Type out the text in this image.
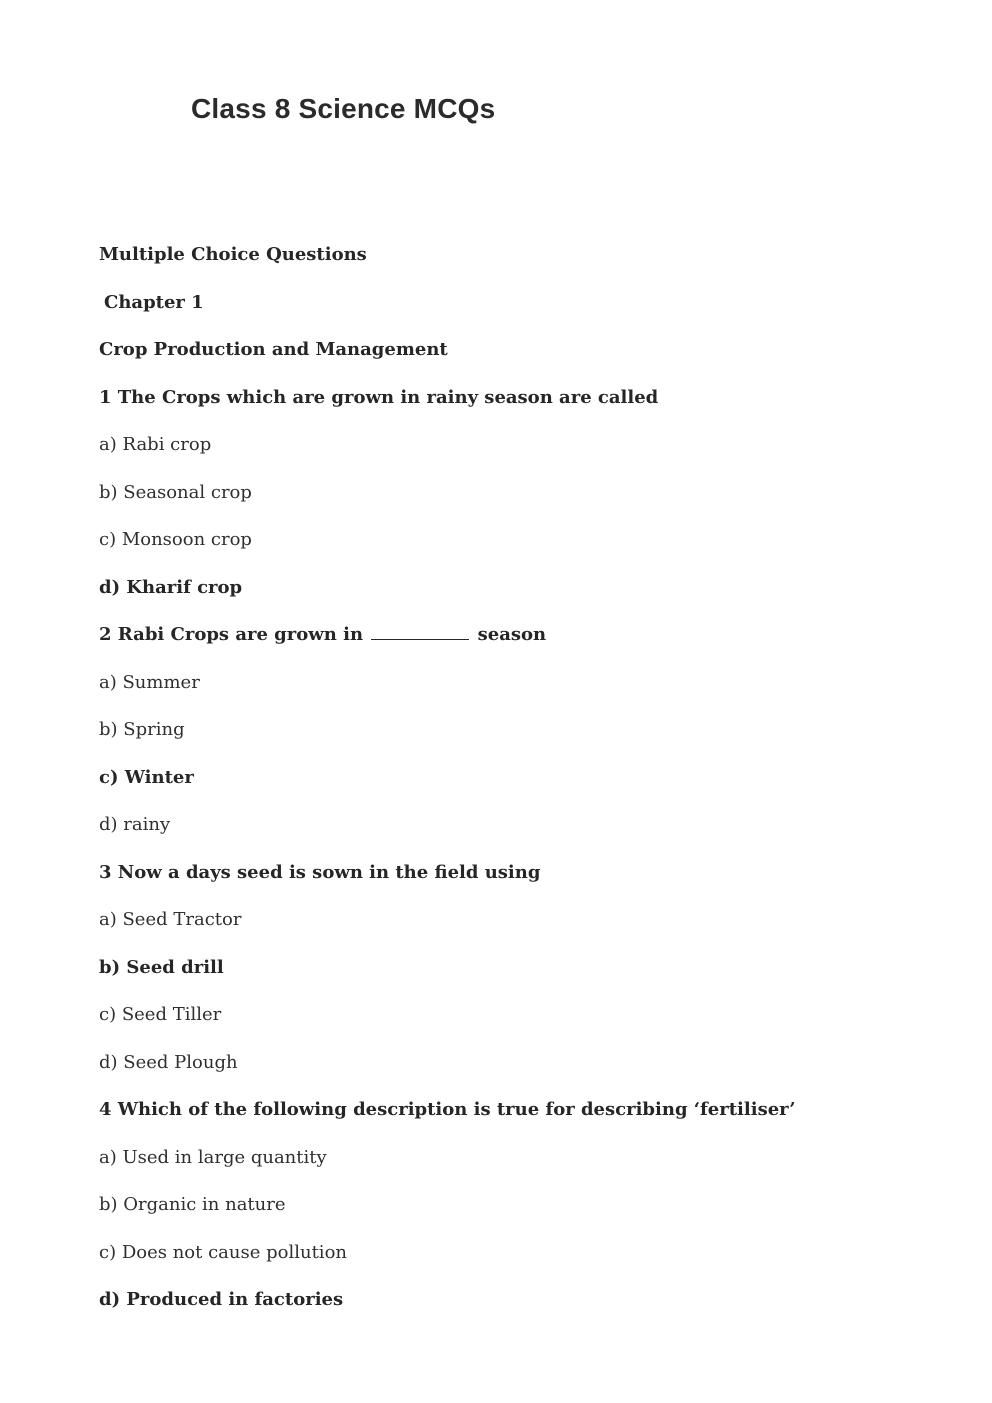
Class 8 Science MCQs
Multiple Choice Questions
Chapter 1
Crop Production and Management
1 The Crops which are grown in rainy season are called
a) Rabi crop
b) Seasonal crop
c) Monsoon crop
d) Kharif crop
2 Rabi Crops are grown in	season
a) Summer
b) Spring
c) Winter
d) rainy
3 Now a days seed is sown in the field using
a) Seed Tractor
b) Seed drill
c) Seed Tiller
d) Seed Plough
4 Which of the following description is true for describing ‘fertiliser’
a) Used in large quantity
b) Organic in nature
c) Does not cause pollution
d) Produced in factories
